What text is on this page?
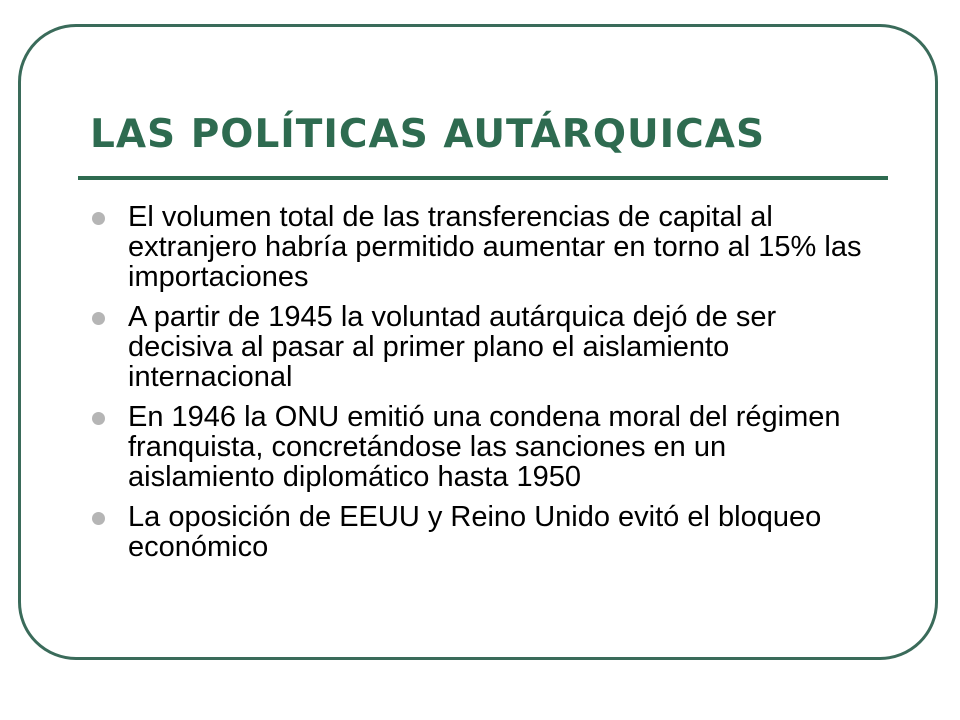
LAS POLÍTICAS AUTÁRQUICAS
El volumen total de las transferencias de capital al extranjero habría permitido aumentar en torno al 15% las importaciones
A partir de 1945 la voluntad autárquica dejó de ser decisiva al pasar al primer plano el aislamiento internacional
En 1946 la ONU emitió una condena moral del régimen franquista, concretándose las sanciones en un aislamiento diplomático hasta 1950
La oposición de EEUU y Reino Unido evitó el bloqueo económico
